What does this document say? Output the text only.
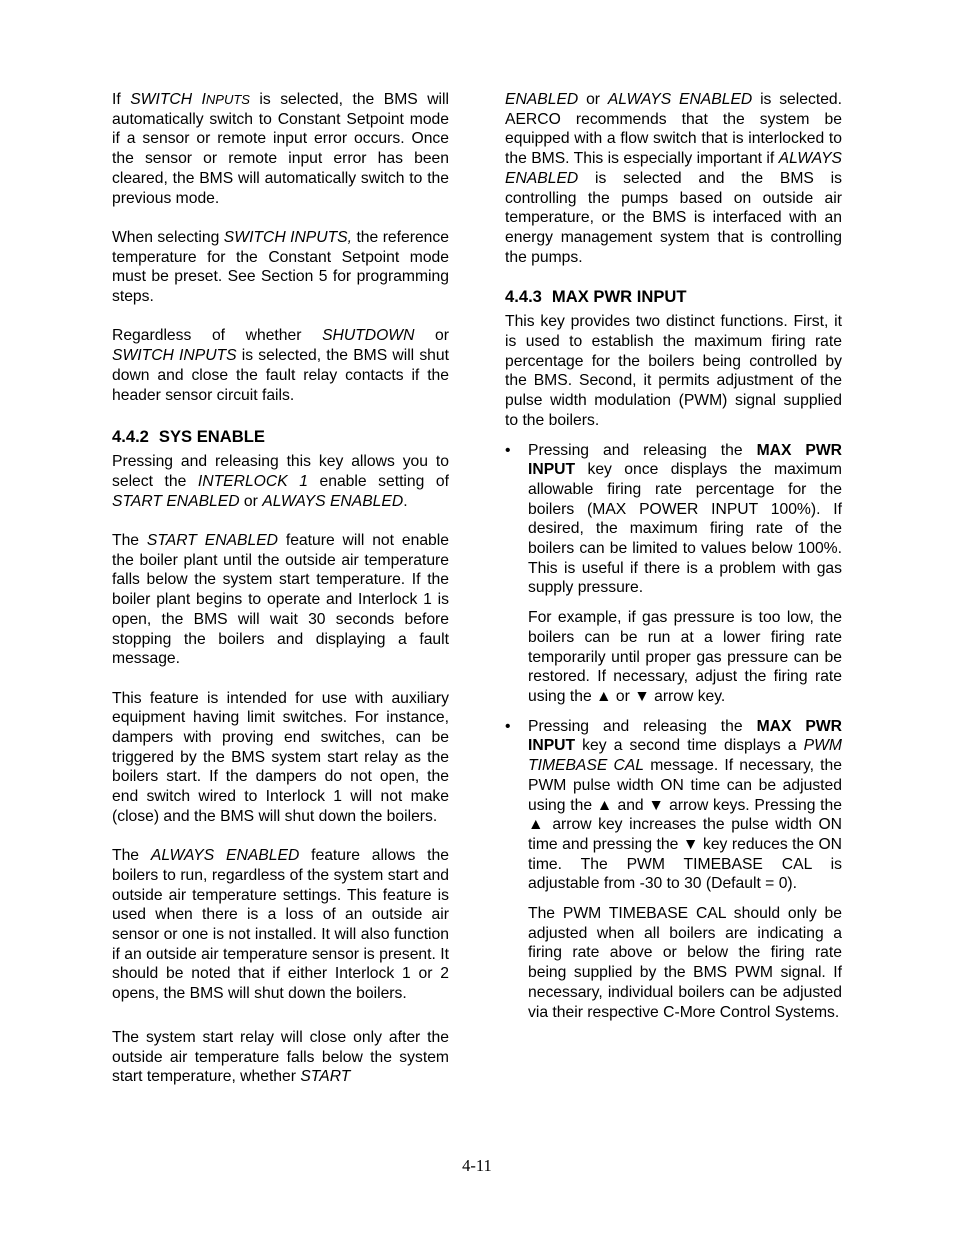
If SWITCH INPUTS is selected, the BMS will automatically switch to Constant Setpoint mode if a sensor or remote input error occurs. Once the sensor or remote input error has been cleared, the BMS will automatically switch to the previous mode.

When selecting SWITCH INPUTS, the reference temperature for the Constant Setpoint mode must be preset. See Section 5 for programming steps.

Regardless of whether SHUTDOWN or SWITCH INPUTS is selected, the BMS will shut down and close the fault relay contacts if the header sensor circuit fails.

4.4.2 SYS ENABLE

Pressing and releasing this key allows you to select the INTERLOCK 1 enable setting of START ENABLED or ALWAYS ENABLED.

The START ENABLED feature will not enable the boiler plant until the outside air temperature falls below the system start temperature. If the boiler plant begins to operate and Interlock 1 is open, the BMS will wait 30 seconds before stopping the boilers and displaying a fault message.

This feature is intended for use with auxiliary equipment having limit switches. For instance, dampers with proving end switches, can be triggered by the BMS system start relay as the boilers start. If the dampers do not open, the end switch wired to Interlock 1 will not make (close) and the BMS will shut down the boilers.

The ALWAYS ENABLED feature allows the boilers to run, regardless of the system start and outside air temperature settings. This feature is used when there is a loss of an outside air sensor or one is not installed. It will also function if an outside air temperature sensor is present. It should be noted that if either Interlock 1 or 2 opens, the BMS will shut down the boilers.

The system start relay will close only after the outside air temperature falls below the system start temperature, whether START

ENABLED or ALWAYS ENABLED is selected. AERCO recommends that the system be equipped with a flow switch that is interlocked to the BMS. This is especially important if ALWAYS ENABLED is selected and the BMS is controlling the pumps based on outside air temperature, or the BMS is interfaced with an energy management system that is controlling the pumps.

4.4.3 MAX PWR INPUT

This key provides two distinct functions. First, it is used to establish the maximum firing rate percentage for the boilers being controlled by the BMS. Second, it permits adjustment of the pulse width modulation (PWM) signal supplied to the boilers.

• Pressing and releasing the MAX PWR INPUT key once displays the maximum allowable firing rate percentage for the boilers (MAX POWER INPUT 100%). If desired, the maximum firing rate of the boilers can be limited to values below 100%. This is useful if there is a problem with gas supply pressure.

For example, if gas pressure is too low, the boilers can be run at a lower firing rate temporarily until proper gas pressure can be restored. If necessary, adjust the firing rate using the ▲ or ▼ arrow key.

• Pressing and releasing the MAX PWR INPUT key a second time displays a PWM TIMEBASE CAL message. If necessary, the PWM pulse width ON time can be adjusted using the ▲ and ▼ arrow keys. Pressing the ▲ arrow key increases the pulse width ON time and pressing the ▼ key reduces the ON time. The PWM TIMEBASE CAL is adjustable from -30 to 30 (Default = 0).

The PWM TIMEBASE CAL should only be adjusted when all boilers are indicating a firing rate above or below the firing rate being supplied by the BMS PWM signal. If necessary, individual boilers can be adjusted via their respective C-More Control Systems.

4-11
